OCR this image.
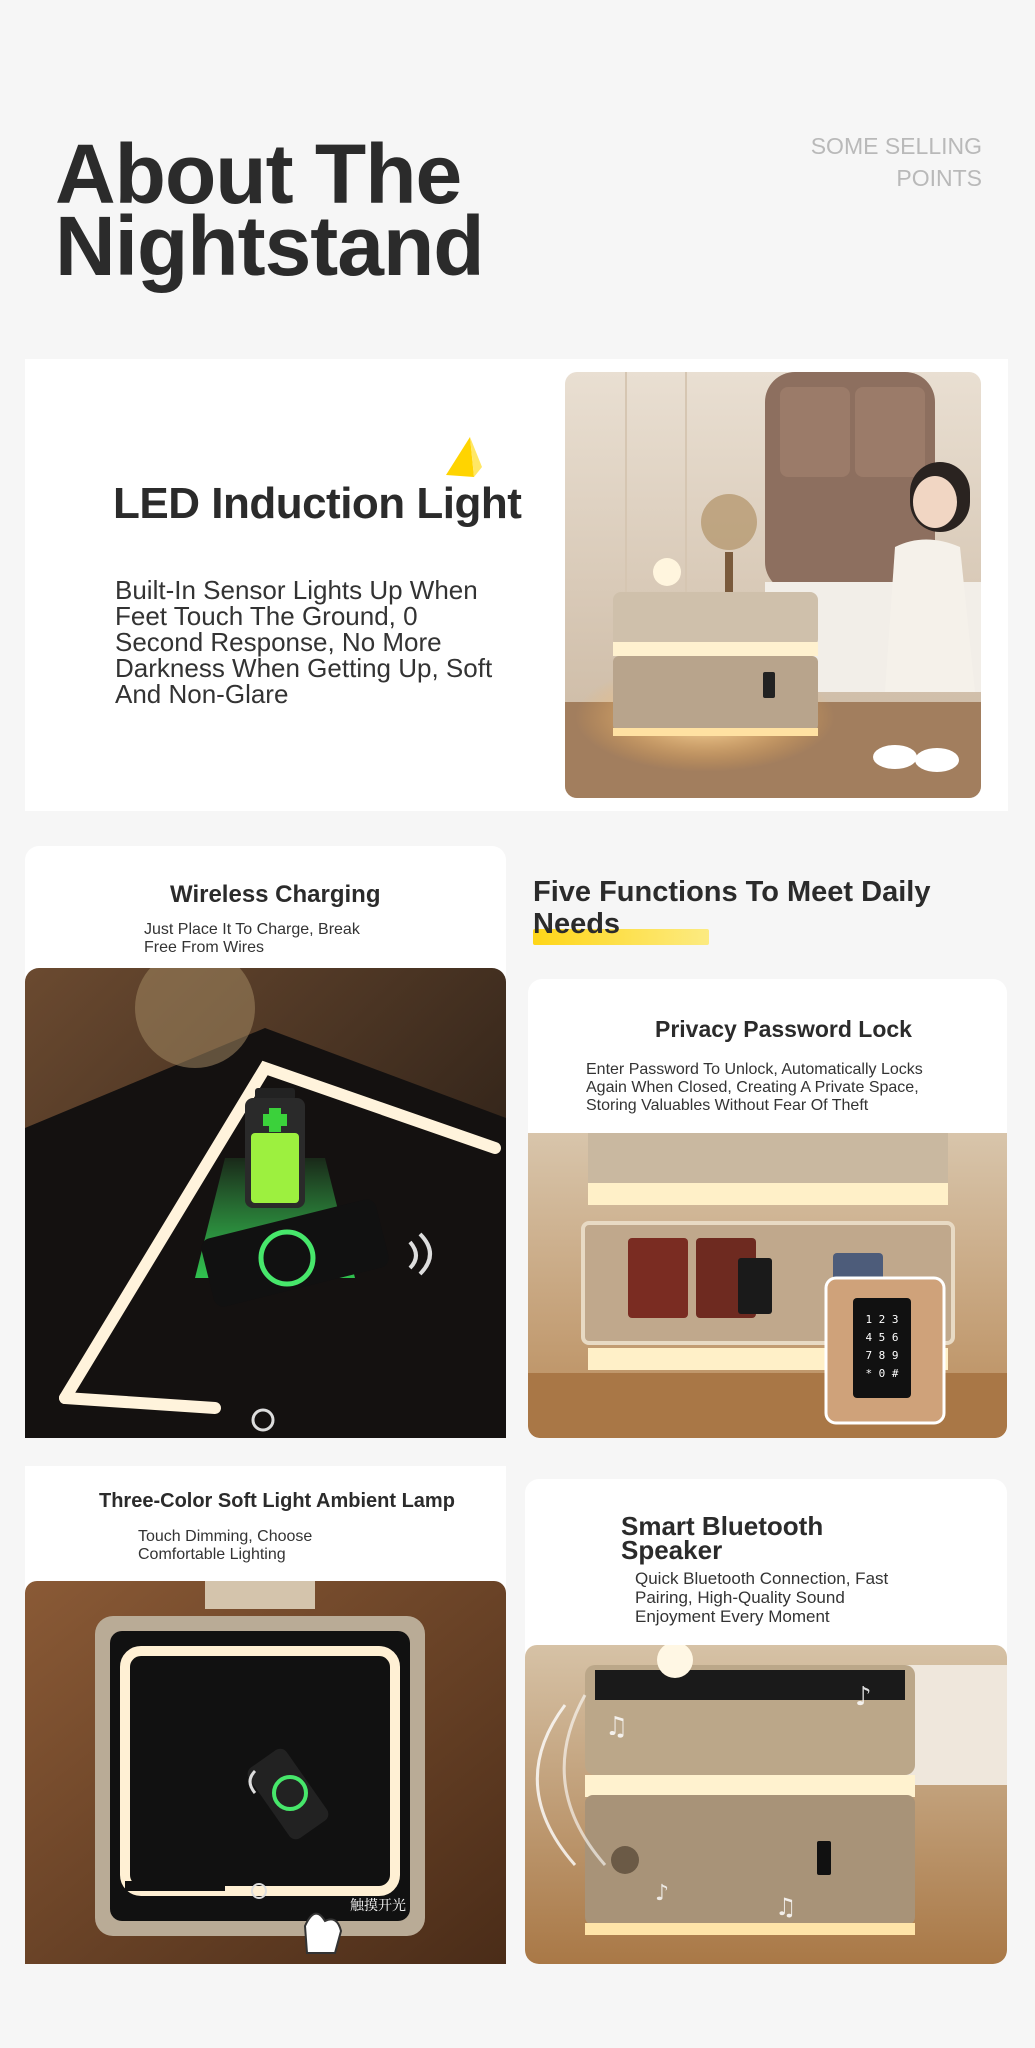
About The
Nightstand
SOME SELLING
POINTS
LED Induction Light
Built-In Sensor Lights Up When Feet Touch The Ground, 0 Second Response, No More Darkness When Getting Up, Soft And Non-Glare
Wireless Charging
Just Place It To Charge, Break Free From Wires
Five Functions To Meet Daily Needs
Privacy Password Lock
Enter Password To Unlock, Automatically Locks Again When Closed, Creating A Private Space, Storing Valuables Without Fear Of Theft
1 2 3
4 5 6
7 8 9
* 0 #
Three-Color Soft Light Ambient Lamp
Touch Dimming, Choose Comfortable Lighting
触摸开光
Smart Bluetooth Speaker
Quick Bluetooth Connection, Fast Pairing, High-Quality Sound Enjoyment Every Moment
♫
♪
♫
♪
